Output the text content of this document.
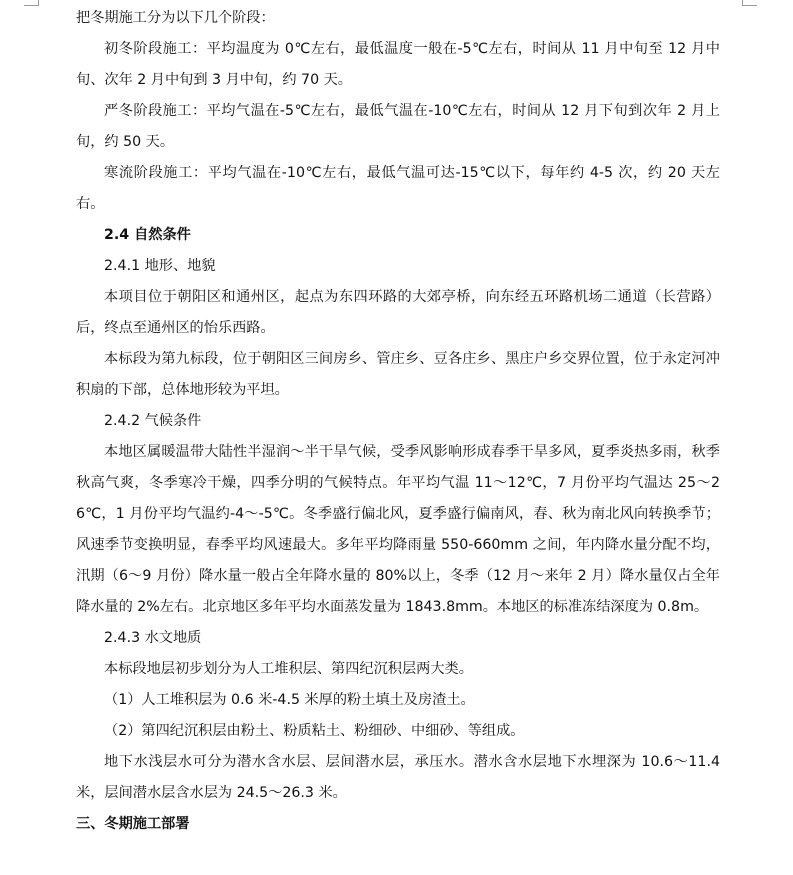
把冬期施工分为以下几个阶段：

初冬阶段施工：平均温度为 0℃左右，最低温度一般在-5℃左右，时间从 11 月中旬至 12 月中旬、次年 2 月中旬到 3 月中旬，约 70 天。

严冬阶段施工：平均气温在-5℃左右，最低气温在-10℃左右，时间从 12 月下旬到次年 2 月上旬，约 50 天。

寒流阶段施工：平均气温在-10℃左右，最低气温可达-15℃以下，每年约 4-5 次，约 20 天左右。

2.4 自然条件

2.4.1 地形、地貌

本项目位于朝阳区和通州区，起点为东四环路的大郊亭桥，向东经五环路机场二通道（长营路）后，终点至通州区的怡乐西路。

本标段为第九标段，位于朝阳区三间房乡、管庄乡、豆各庄乡、黑庄户乡交界位置，位于永定河冲积扇的下部，总体地形较为平坦。

2.4.2 气候条件

本地区属暖温带大陆性半湿润～半干旱气候，受季风影响形成春季干旱多风，夏季炎热多雨，秋季秋高气爽，冬季寒冷干燥，四季分明的气候特点。年平均气温 11～12℃，7 月份平均气温达 25～26℃，1 月份平均气温约-4～-5℃。冬季盛行偏北风，夏季盛行偏南风，春、秋为南北风向转换季节；风速季节变换明显，春季平均风速最大。多年平均降雨量 550-660mm 之间，年内降水量分配不均，汛期（6～9 月份）降水量一般占全年降水量的 80%以上，冬季（12 月～来年 2 月）降水量仅占全年降水量的 2%左右。北京地区多年平均水面蒸发量为 1843.8mm。本地区的标准冻结深度为 0.8m。

2.4.3 水文地质

本标段地层初步划分为人工堆积层、第四纪沉积层两大类。

（1）人工堆积层为 0.6 米-4.5 米厚的粉土填土及房渣土。

（2）第四纪沉积层由粉土、粉质粘土、粉细砂、中细砂、等组成。

地下水浅层水可分为潜水含水层、层间潜水层，承压水。潜水含水层地下水埋深为 10.6～11.4 米，层间潜水层含水层为 24.5～26.3 米。

三、冬期施工部署
